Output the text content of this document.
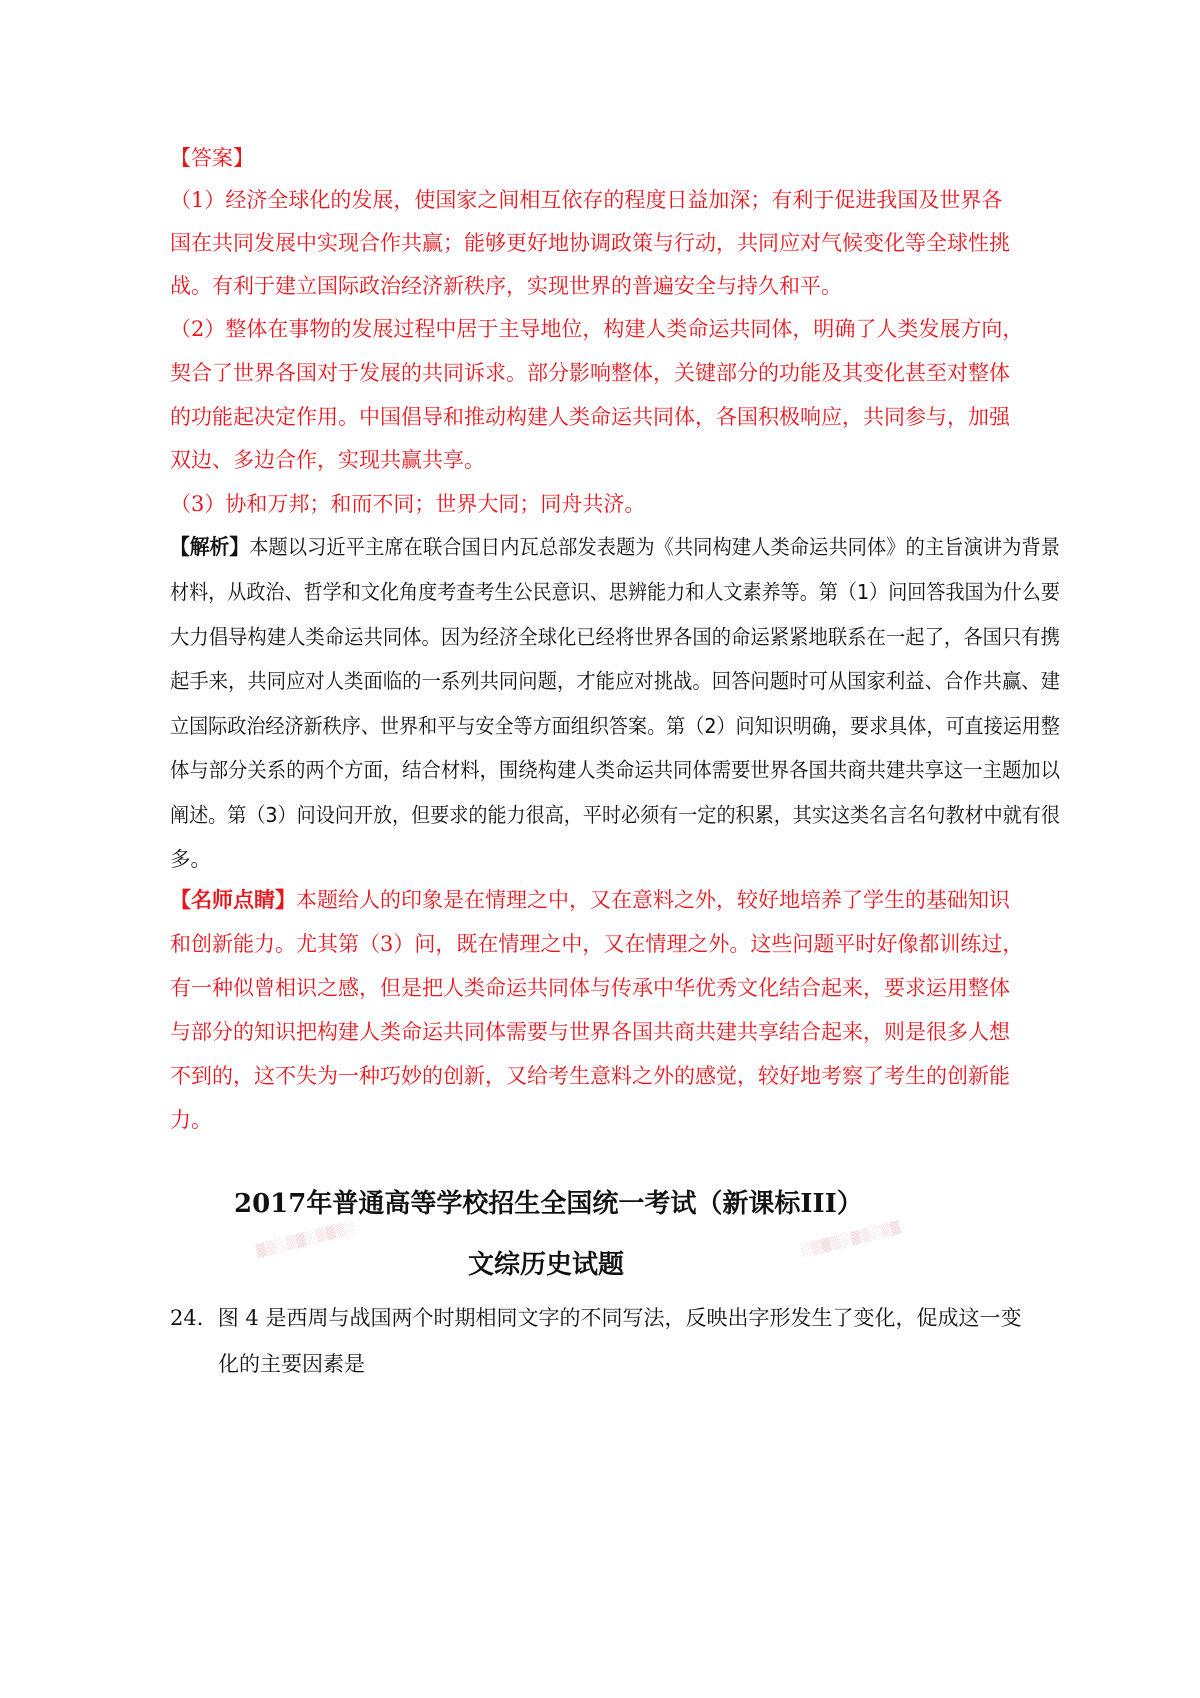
【答案】
（1）经济全球化的发展，使国家之间相互依存的程度日益加深；有利于促进我国及世界各
国在共同发展中实现合作共赢；能够更好地协调政策与行动，共同应对气候变化等全球性挑
战。有利于建立国际政治经济新秩序，实现世界的普遍安全与持久和平。
（2）整体在事物的发展过程中居于主导地位，构建人类命运共同体，明确了人类发展方向，
契合了世界各国对于发展的共同诉求。部分影响整体，关键部分的功能及其变化甚至对整体
的功能起决定作用。中国倡导和推动构建人类命运共同体，各国积极响应，共同参与，加强
双边、多边合作，实现共赢共享。
（3）协和万邦；和而不同；世界大同；同舟共济。
【解析】本题以习近平主席在联合国日内瓦总部发表题为《共同构建人类命运共同体》的主旨演讲为背景
材料，从政治、哲学和文化角度考查考生公民意识、思辨能力和人文素养等。第（1）问回答我国为什么要
大力倡导构建人类命运共同体。因为经济全球化已经将世界各国的命运紧紧地联系在一起了，各国只有携
起手来，共同应对人类面临的一系列共同问题，才能应对挑战。回答问题时可从国家利益、合作共赢、建
立国际政治经济新秩序、世界和平与安全等方面组织答案。第（2）问知识明确，要求具体，可直接运用整
体与部分关系的两个方面，结合材料，围绕构建人类命运共同体需要世界各国共商共建共享这一主题加以
阐述。第（3）问设问开放，但要求的能力很高，平时必须有一定的积累，其实这类名言名句教材中就有很
多。
【名师点睛】本题给人的印象是在情理之中，又在意料之外，较好地培养了学生的基础知识
和创新能力。尤其第（3）问，既在情理之中，又在情理之外。这些问题平时好像都训练过，
有一种似曾相识之感，但是把人类命运共同体与传承中华优秀文化结合起来，要求运用整体
与部分的知识把构建人类命运共同体需要与世界各国共商共建共享结合起来，则是很多人想
不到的，这不失为一种巧妙的创新，又给考生意料之外的感觉，较好地考察了考生的创新能
力。
▓▒░▒▓░▒▓▒░	░▒▓▒░▓▒░▒▓
2017年普通高等学校招生全国统一考试（新课标III）
文综历史试题
24．图 4 是西周与战国两个时期相同文字的不同写法，反映出字形发生了变化，促成这一变
化的主要因素是
